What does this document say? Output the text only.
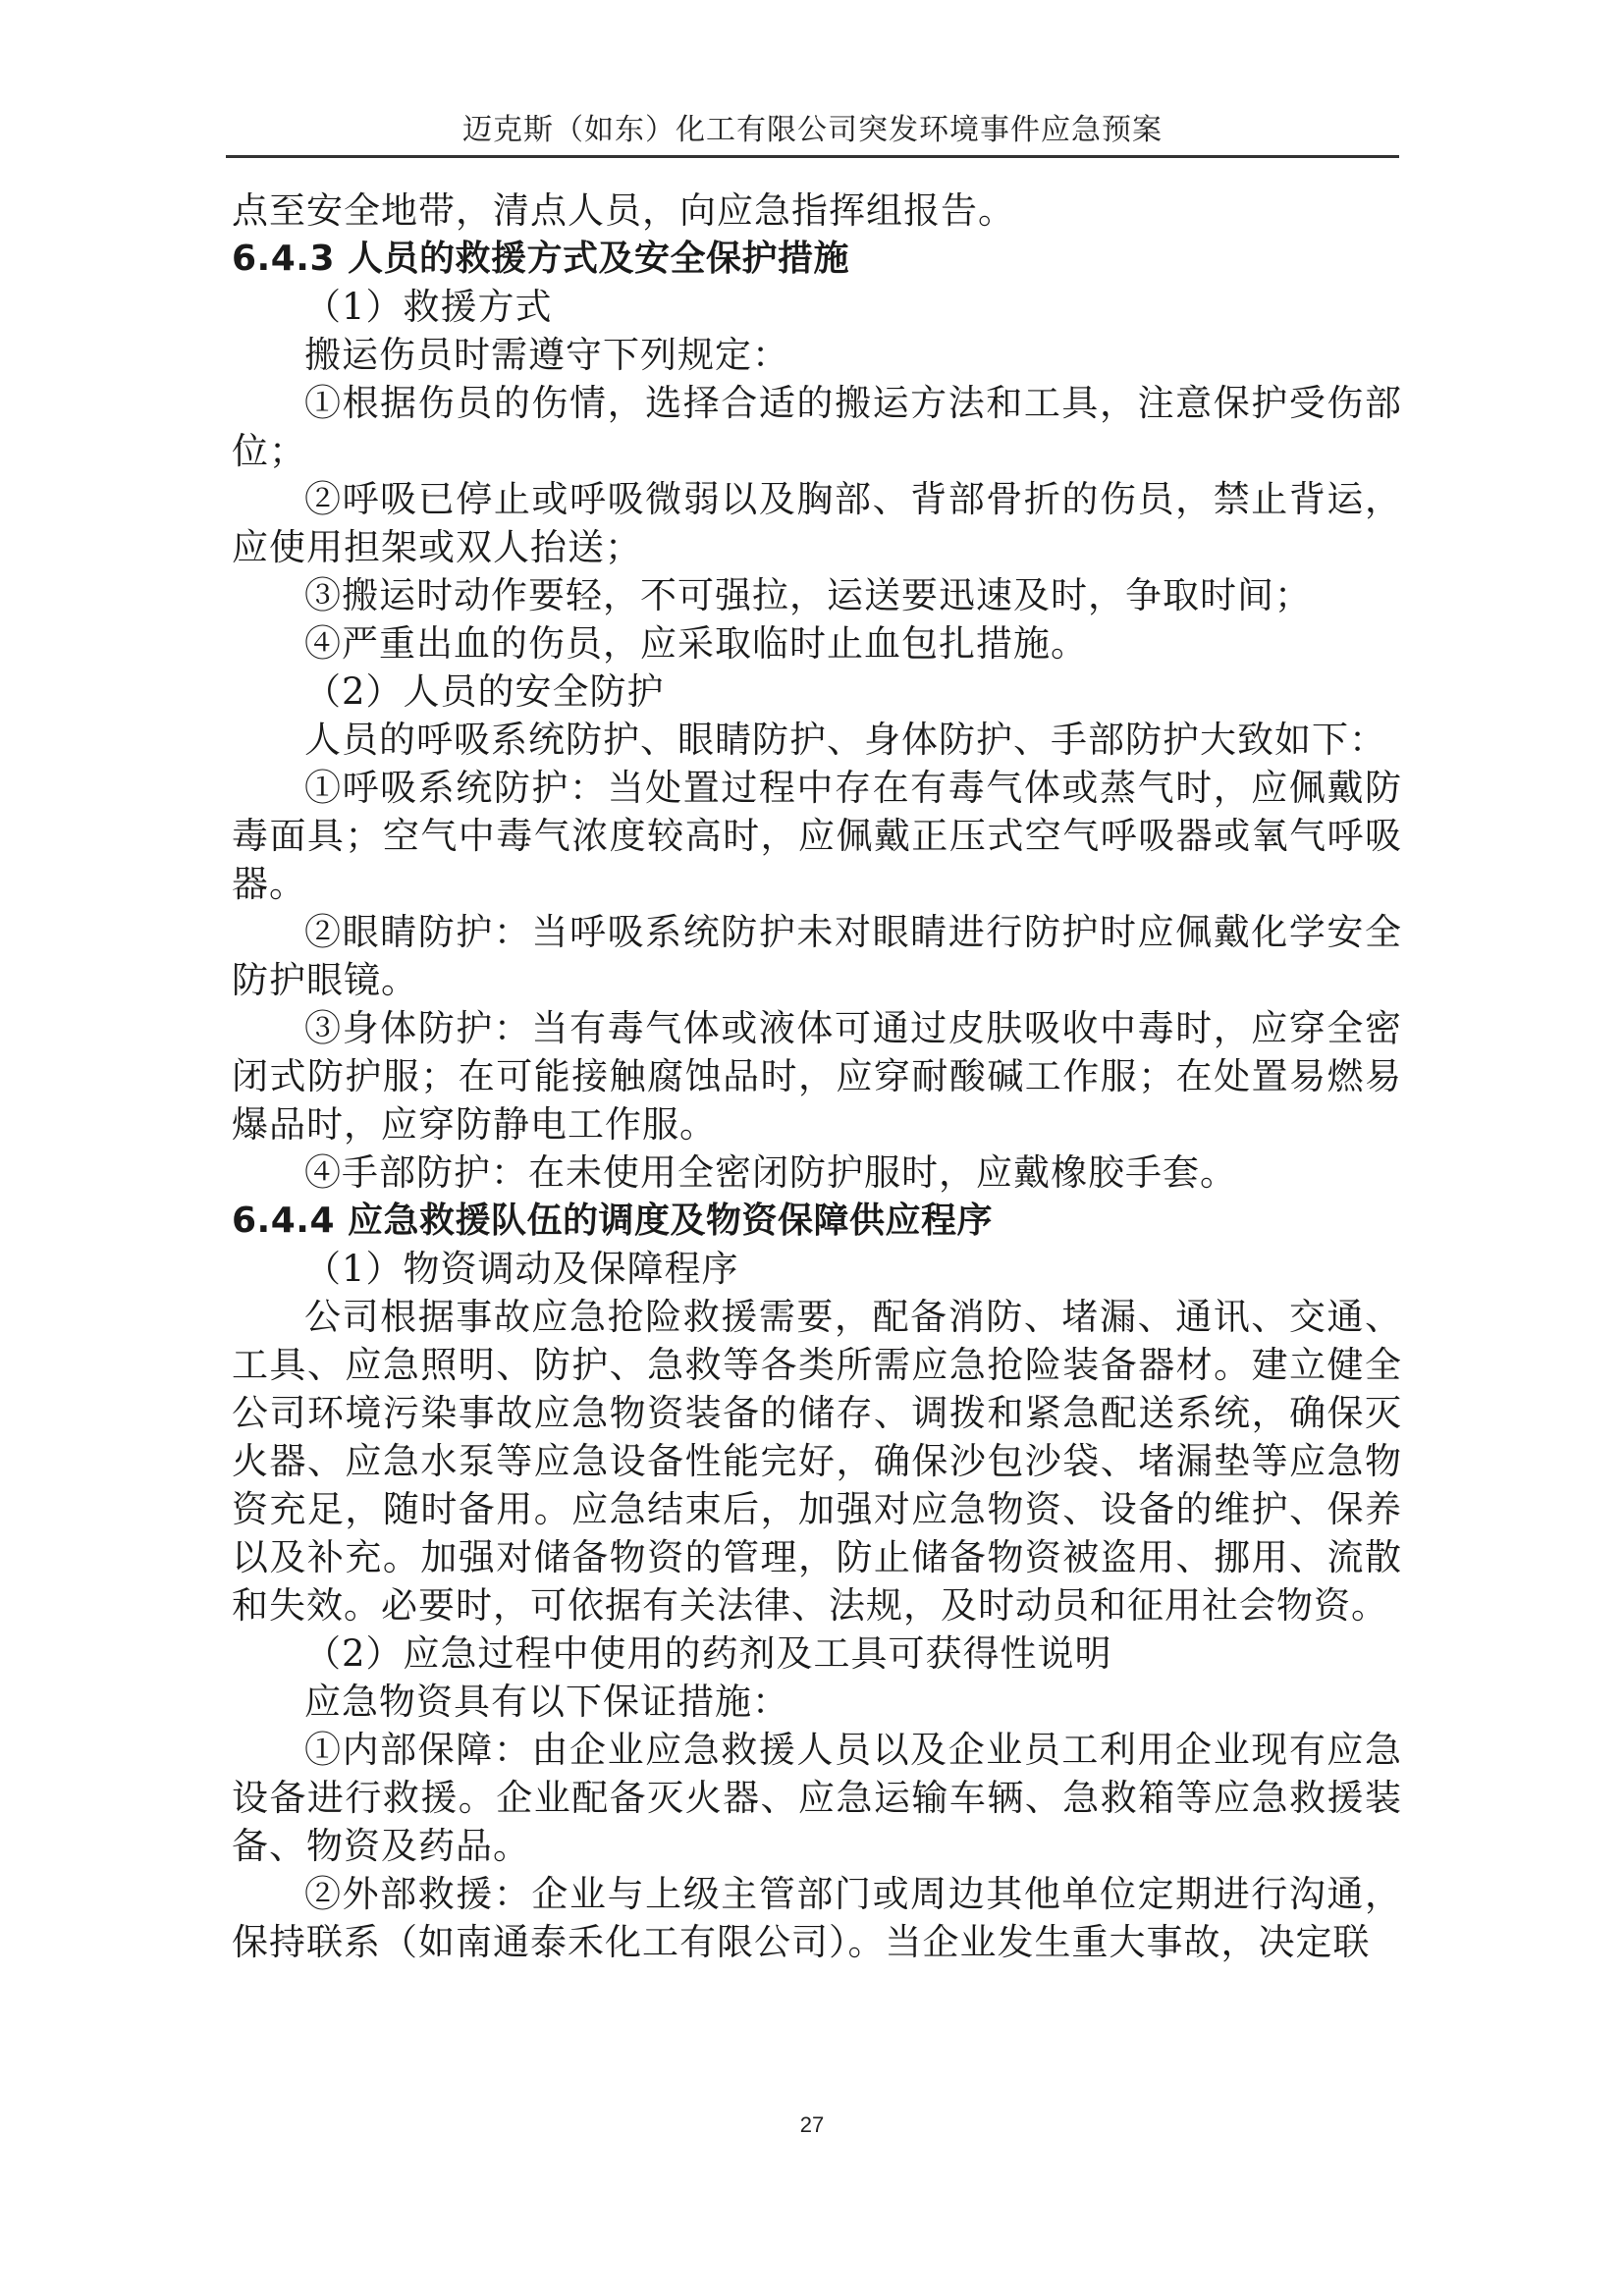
迈克斯（如东）化工有限公司突发环境事件应急预案

点至安全地带，清点人员，向应急指挥组报告。

6.4.3 人员的救援方式及安全保护措施

（1）救援方式

搬运伤员时需遵守下列规定：

①根据伤员的伤情，选择合适的搬运方法和工具，注意保护受伤部位；

②呼吸已停止或呼吸微弱以及胸部、背部骨折的伤员，禁止背运，应使用担架或双人抬送；

③搬运时动作要轻，不可强拉，运送要迅速及时，争取时间；

④严重出血的伤员，应采取临时止血包扎措施。

（2）人员的安全防护

人员的呼吸系统防护、眼睛防护、身体防护、手部防护大致如下：

①呼吸系统防护：当处置过程中存在有毒气体或蒸气时，应佩戴防毒面具；空气中毒气浓度较高时，应佩戴正压式空气呼吸器或氧气呼吸器。

②眼睛防护：当呼吸系统防护未对眼睛进行防护时应佩戴化学安全防护眼镜。

③身体防护：当有毒气体或液体可通过皮肤吸收中毒时，应穿全密闭式防护服；在可能接触腐蚀品时，应穿耐酸碱工作服；在处置易燃易爆品时，应穿防静电工作服。

④手部防护：在未使用全密闭防护服时，应戴橡胶手套。

6.4.4 应急救援队伍的调度及物资保障供应程序

（1）物资调动及保障程序

公司根据事故应急抢险救援需要，配备消防、堵漏、通讯、交通、工具、应急照明、防护、急救等各类所需应急抢险装备器材。建立健全公司环境污染事故应急物资装备的储存、调拨和紧急配送系统，确保灭火器、应急水泵等应急设备性能完好，确保沙包沙袋、堵漏垫等应急物资充足，随时备用。应急结束后，加强对应急物资、设备的维护、保养以及补充。加强对储备物资的管理，防止储备物资被盗用、挪用、流散和失效。必要时，可依据有关法律、法规，及时动员和征用社会物资。

（2）应急过程中使用的药剂及工具可获得性说明

应急物资具有以下保证措施：

①内部保障：由企业应急救援人员以及企业员工利用企业现有应急设备进行救援。企业配备灭火器、应急运输车辆、急救箱等应急救援装备、物资及药品。

②外部救援：企业与上级主管部门或周边其他单位定期进行沟通，保持联系（如南通泰禾化工有限公司）。当企业发生重大事故，决定联

27
